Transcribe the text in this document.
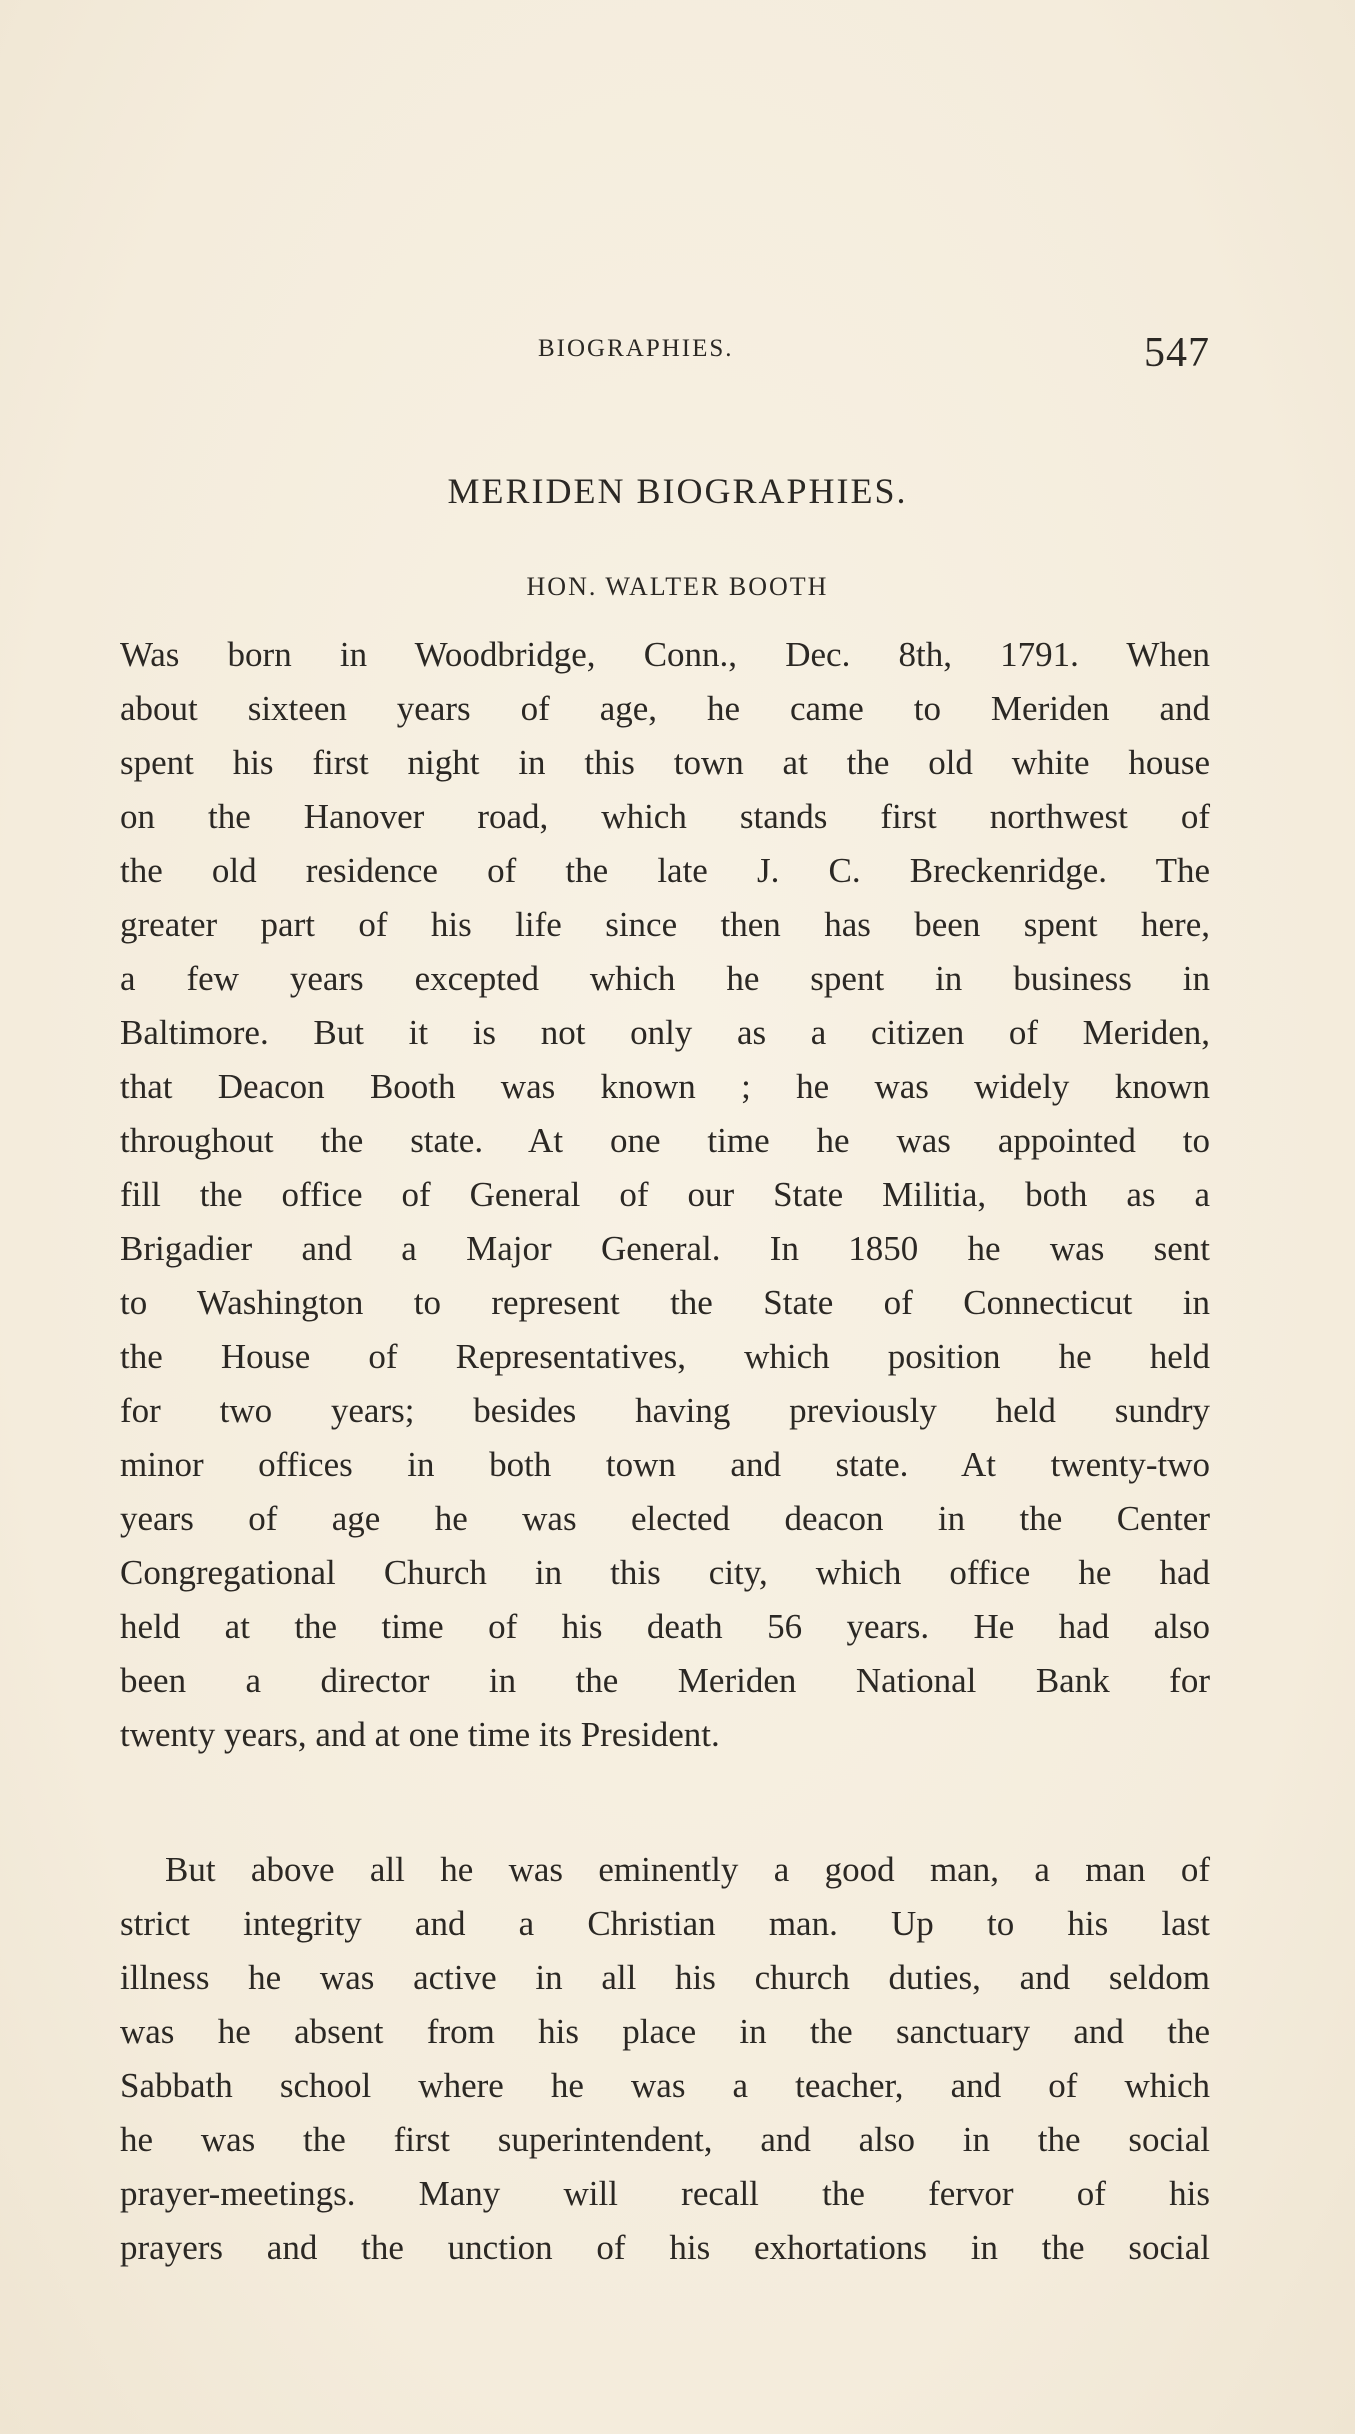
BIOGRAPHIES.	547
MERIDEN BIOGRAPHIES.
HON. WALTER BOOTH
Was born in Woodbridge, Conn., Dec. 8th, 1791. When
about sixteen years of age, he came to Meriden and
spent his first night in this town at the old white house
on the Hanover road, which stands first northwest of
the old residence of the late J. C. Breckenridge. The
greater part of his life since then has been spent here,
a few years excepted which he spent in business in
Baltimore. But it is not only as a citizen of Meriden,
that Deacon Booth was known ; he was widely known
throughout the state. At one time he was appointed to
fill the office of General of our State Militia, both as a
Brigadier and a Major General. In 1850 he was sent
to Washington to represent the State of Connecticut in
the House of Representatives, which position he held
for two years; besides having previously held sundry
minor offices in both town and state. At twenty-two
years of age he was elected deacon in the Center
Congregational Church in this city, which office he had
held at the time of his death 56 years. He had also
been a director in the Meriden National Bank for
twenty years, and at one time its President.
But above all he was eminently a good man, a man of
strict integrity and a Christian man. Up to his last
illness he was active in all his church duties, and seldom
was he absent from his place in the sanctuary and the
Sabbath school where he was a teacher, and of which
he was the first superintendent, and also in the social
prayer-meetings. Many will recall the fervor of his
prayers and the unction of his exhortations in the social
